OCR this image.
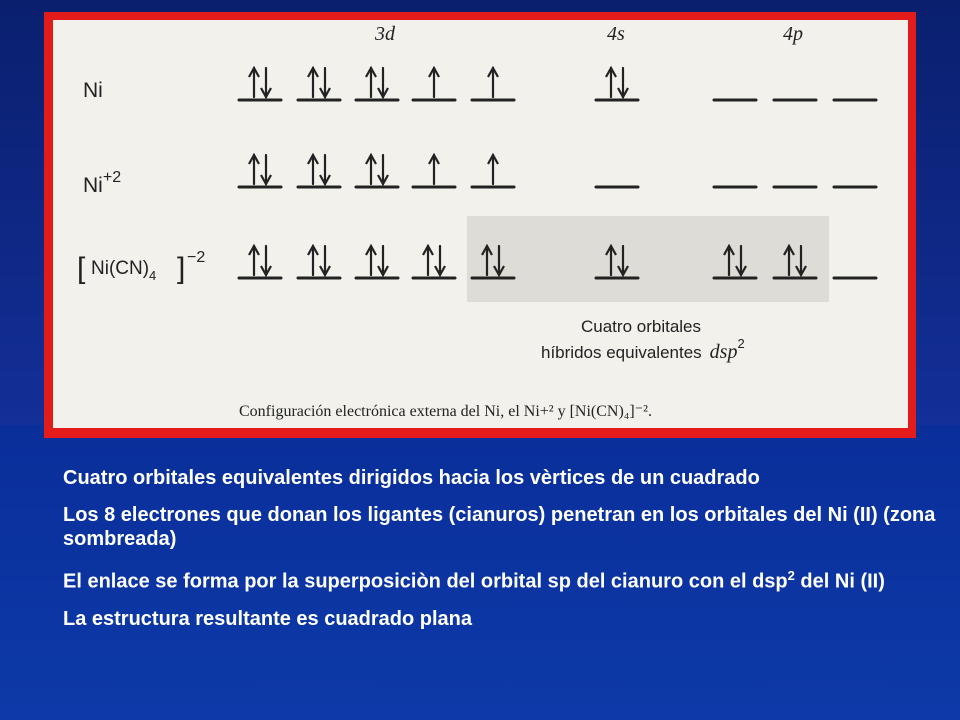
3d	4s	4p
Ni
$Ni^{+2}$
[ $Ni(CN)_4$ ] −2
Cuatro orbitales
híbridos equivalentes dsp$^2$
Configuración electrónica externa del Ni, el Ni+² y [Ni(CN)₄]⁻².

Cuatro orbitales equivalentes dirigidos hacia los vèrtices de un cuadrado

Los 8 electrones que donan los ligantes (cianuros) penetran en los orbitales del Ni (II) (zona sombreada)

El enlace se forma por la superposiciòn del orbital sp del cianuro con el dsp$^2$ del Ni (II)

La estructura resultante es cuadrado plana
